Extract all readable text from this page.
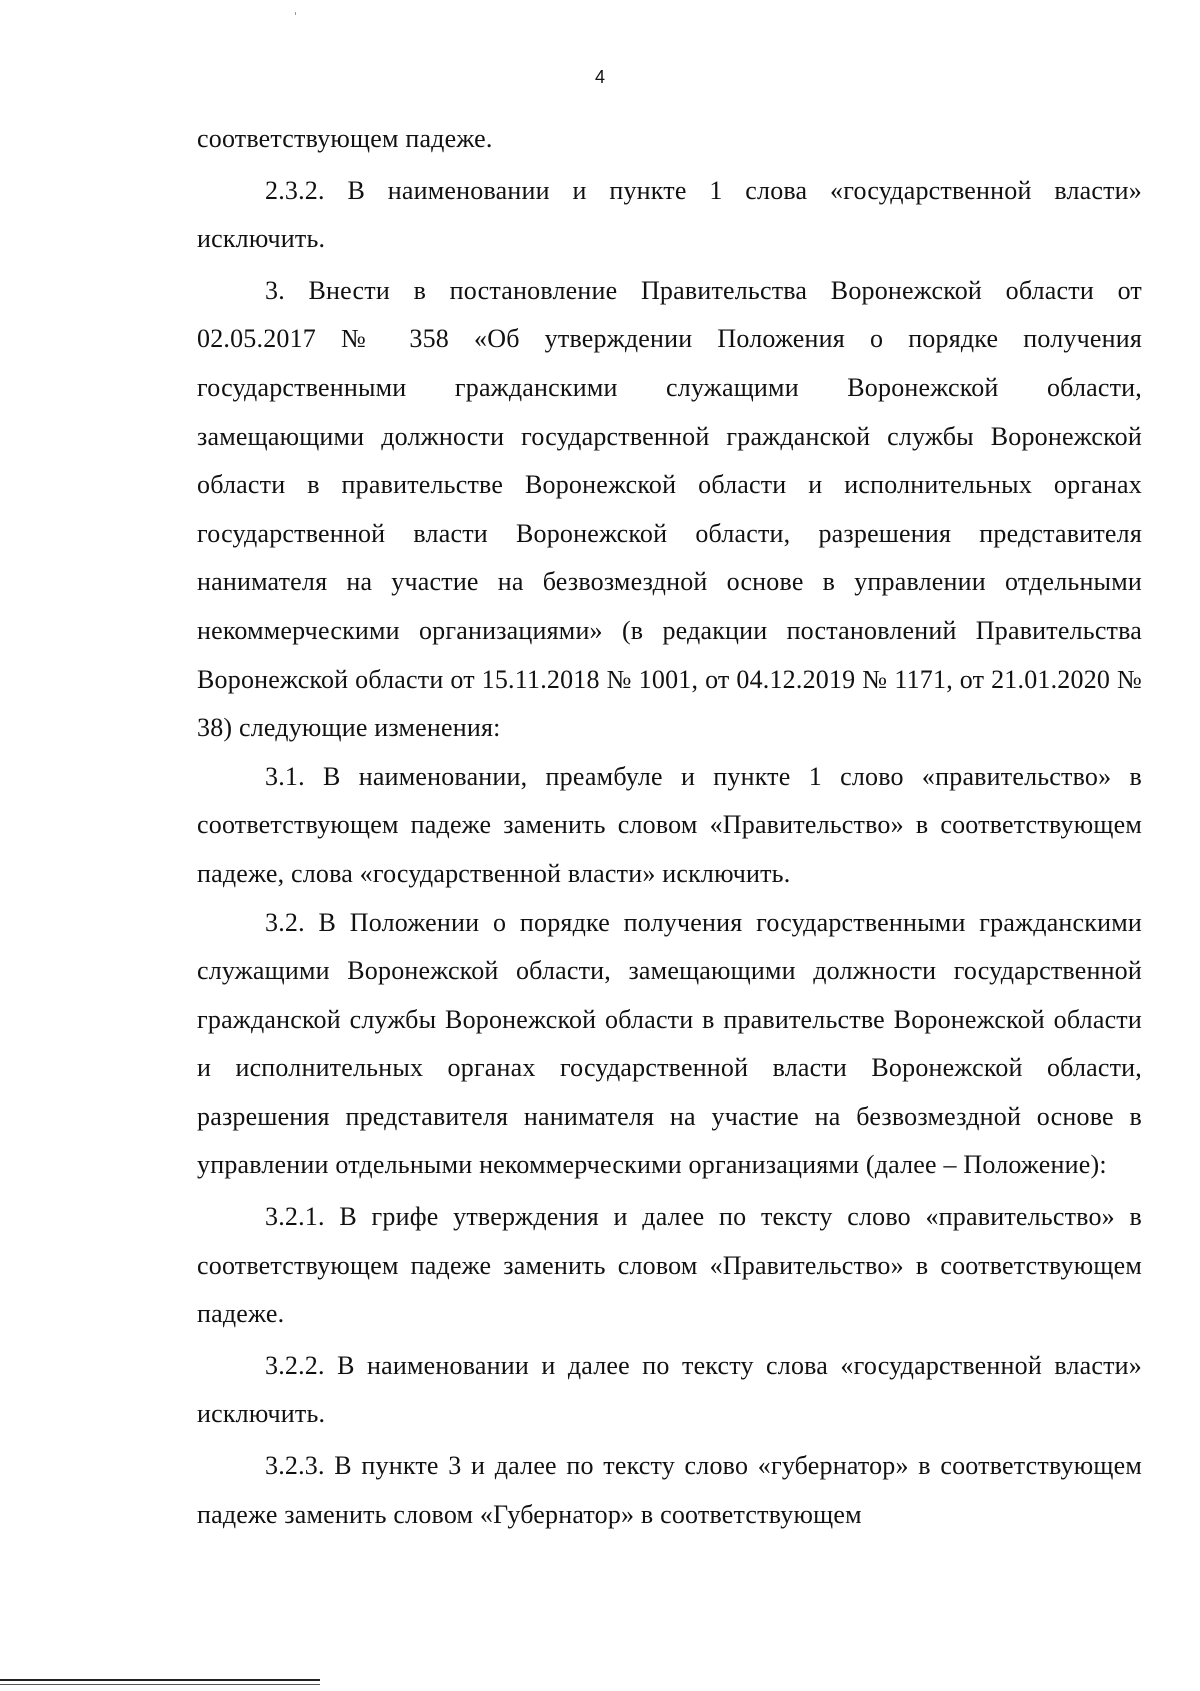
4

соответствующем падеже.

2.3.2. В наименовании и пункте 1 слова «государственной власти» исключить.

3. Внести в постановление Правительства Воронежской области от 02.05.2017 № 358 «Об утверждении Положения о порядке получения государственными гражданскими служащими Воронежской области, замещающими должности государственной гражданской службы Воронежской области в правительстве Воронежской области и исполнительных органах государственной власти Воронежской области, разрешения представителя нанимателя на участие на безвозмездной основе в управлении отдельными некоммерческими организациями» (в редакции постановлений Правительства Воронежской области от 15.11.2018 № 1001, от 04.12.2019 № 1171, от 21.01.2020 № 38) следующие изменения:

3.1. В наименовании, преамбуле и пункте 1 слово «правительство» в соответствующем падеже заменить словом «Правительство» в соответствующем падеже, слова «государственной власти» исключить.

3.2. В Положении о порядке получения государственными гражданскими служащими Воронежской области, замещающими должности государственной гражданской службы Воронежской области в правительстве Воронежской области и исполнительных органах государственной власти Воронежской области, разрешения представителя нанимателя на участие на безвозмездной основе в управлении отдельными некоммерческими организациями (далее – Положение):

3.2.1. В грифе утверждения и далее по тексту слово «правительство» в соответствующем падеже заменить словом «Правительство» в соответствующем падеже.

3.2.2. В наименовании и далее по тексту слова «государственной власти» исключить.

3.2.3. В пункте 3 и далее по тексту слово «губернатор» в соответствующем падеже заменить словом «Губернатор» в соответствующем
